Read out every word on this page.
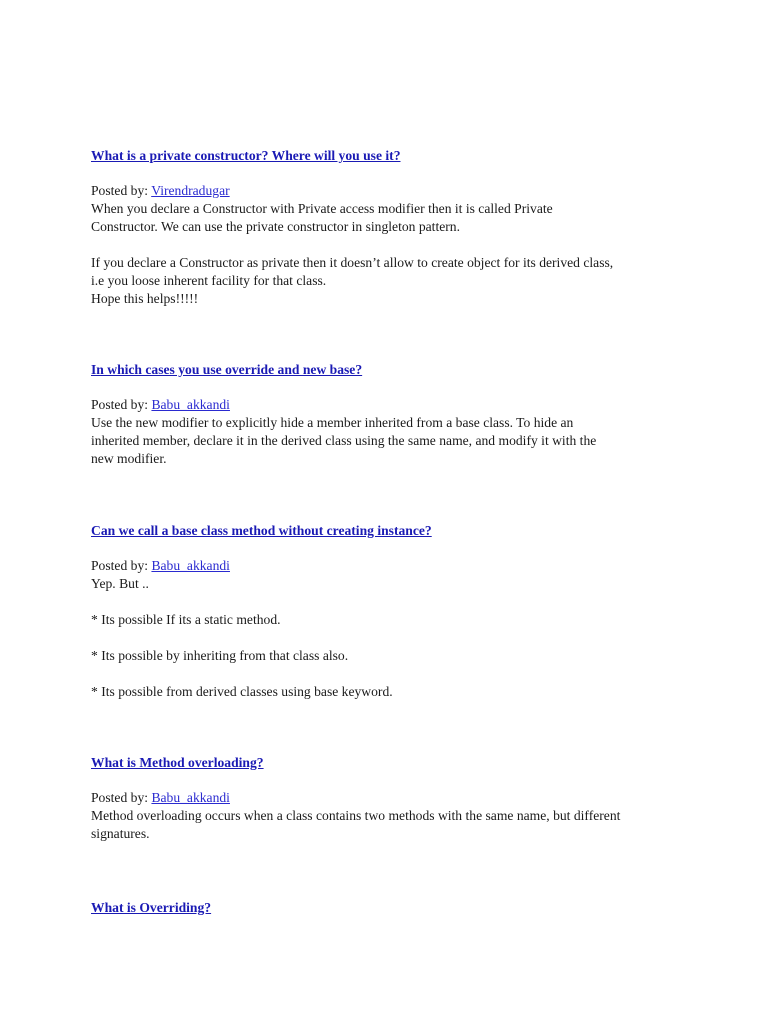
What is a private constructor? Where will you use it?
Posted by: Virendradugar

When you declare a Constructor with Private access modifier then it is called Private

Constructor. We can use the private constructor in singleton pattern.

If you declare a Constructor as private then it doesn’t allow to create object for its derived class,

i.e you loose inherent facility for that class.

Hope this helps!!!!!

In which cases you use override and new base?
Posted by: Babu_akkandi

Use the new modifier to explicitly hide a member inherited from a base class. To hide an

inherited member, declare it in the derived class using the same name, and modify it with the

new modifier.

Can we call a base class method without creating instance?
Posted by: Babu_akkandi

Yep. But ..

* Its possible If its a static method.

* Its possible by inheriting from that class also.

* Its possible from derived classes using base keyword.

What is Method overloading?
Posted by: Babu_akkandi

Method overloading occurs when a class contains two methods with the same name, but different

signatures.

What is Overriding?
